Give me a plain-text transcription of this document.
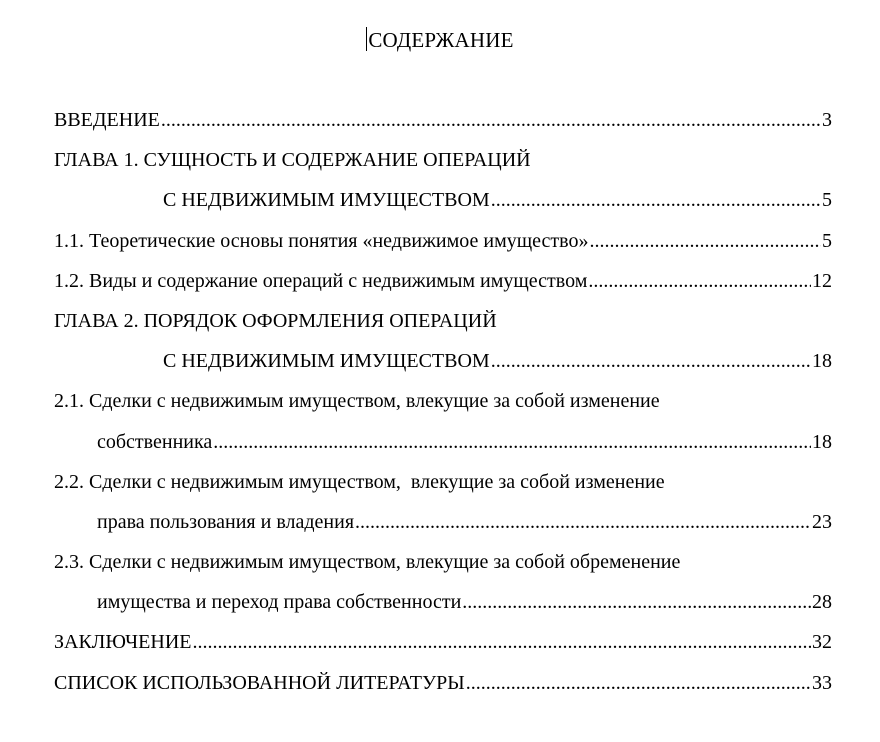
СОДЕРЖАНИЕ
ВВЕДЕНИЕ .....	3
ГЛАВА 1. СУЩНОСТЬ И СОДЕРЖАНИЕ ОПЕРАЦИЙ
С НЕДВИЖИМЫМ ИМУЩЕСТВОМ .....	5
1.1. Теоретические основы понятия «недвижимое имущество» .....	5
1.2. Виды и содержание операций с недвижимым имуществом .....	12
ГЛАВА 2. ПОРЯДОК ОФОРМЛЕНИЯ ОПЕРАЦИЙ
С НЕДВИЖИМЫМ ИМУЩЕСТВОМ .....	18
2.1. Сделки с недвижимым имуществом, влекущие за собой изменение
собственника .....	18
2.2. Сделки с недвижимым имуществом,  влекущие за собой изменение
права пользования и владения .....	23
2.3. Сделки с недвижимым имуществом, влекущие за собой обременение
имущества и переход права собственности .....	28
ЗАКЛЮЧЕНИЕ .....	32
СПИСОК ИСПОЛЬЗОВАННОЙ ЛИТЕРАТУРЫ .....	33
